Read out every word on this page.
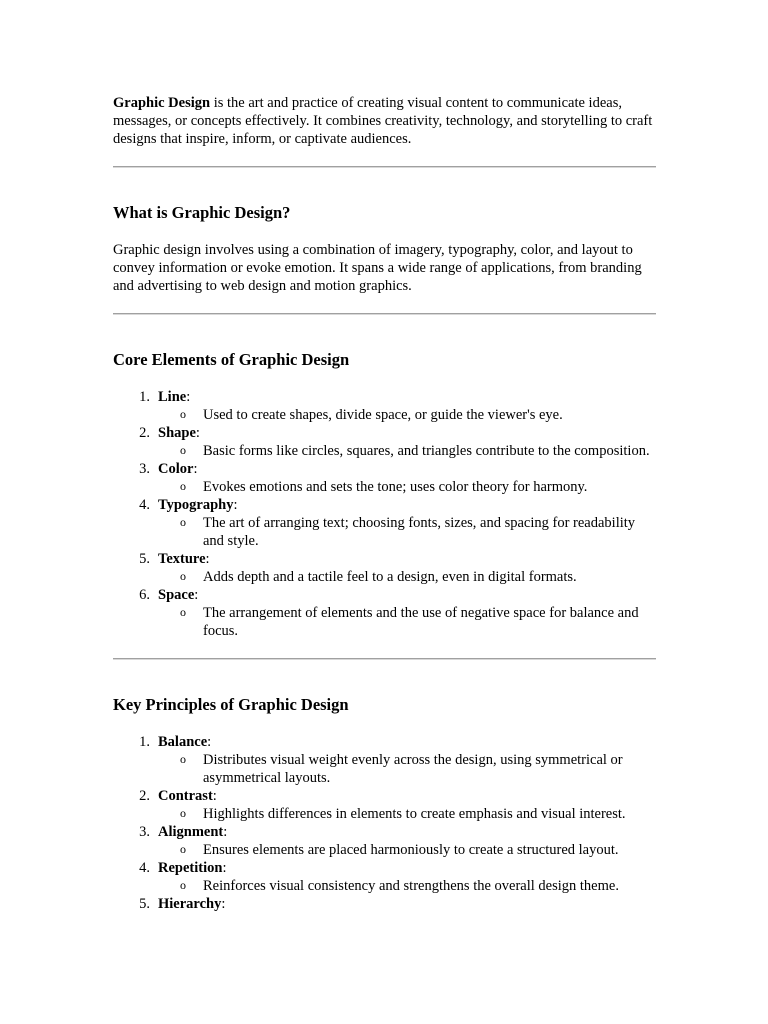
Graphic Design is the art and practice of creating visual content to communicate ideas, messages, or concepts effectively. It combines creativity, technology, and storytelling to craft designs that inspire, inform, or captivate audiences.

What is Graphic Design?

Graphic design involves using a combination of imagery, typography, color, and layout to convey information or evoke emotion. It spans a wide range of applications, from branding and advertising to web design and motion graphics.

Core Elements of Graphic Design
1. Line:
o Used to create shapes, divide space, or guide the viewer's eye.
2. Shape:
o Basic forms like circles, squares, and triangles contribute to the composition.
3. Color:
o Evokes emotions and sets the tone; uses color theory for harmony.
4. Typography:
o The art of arranging text; choosing fonts, sizes, and spacing for readability and style.
5. Texture:
o Adds depth and a tactile feel to a design, even in digital formats.
6. Space:
o The arrangement of elements and the use of negative space for balance and focus.
Key Principles of Graphic Design
1. Balance:
o Distributes visual weight evenly across the design, using symmetrical or asymmetrical layouts.
2. Contrast:
o Highlights differences in elements to create emphasis and visual interest.
3. Alignment:
o Ensures elements are placed harmoniously to create a structured layout.
4. Repetition:
o Reinforces visual consistency and strengthens the overall design theme.
5. Hierarchy:
